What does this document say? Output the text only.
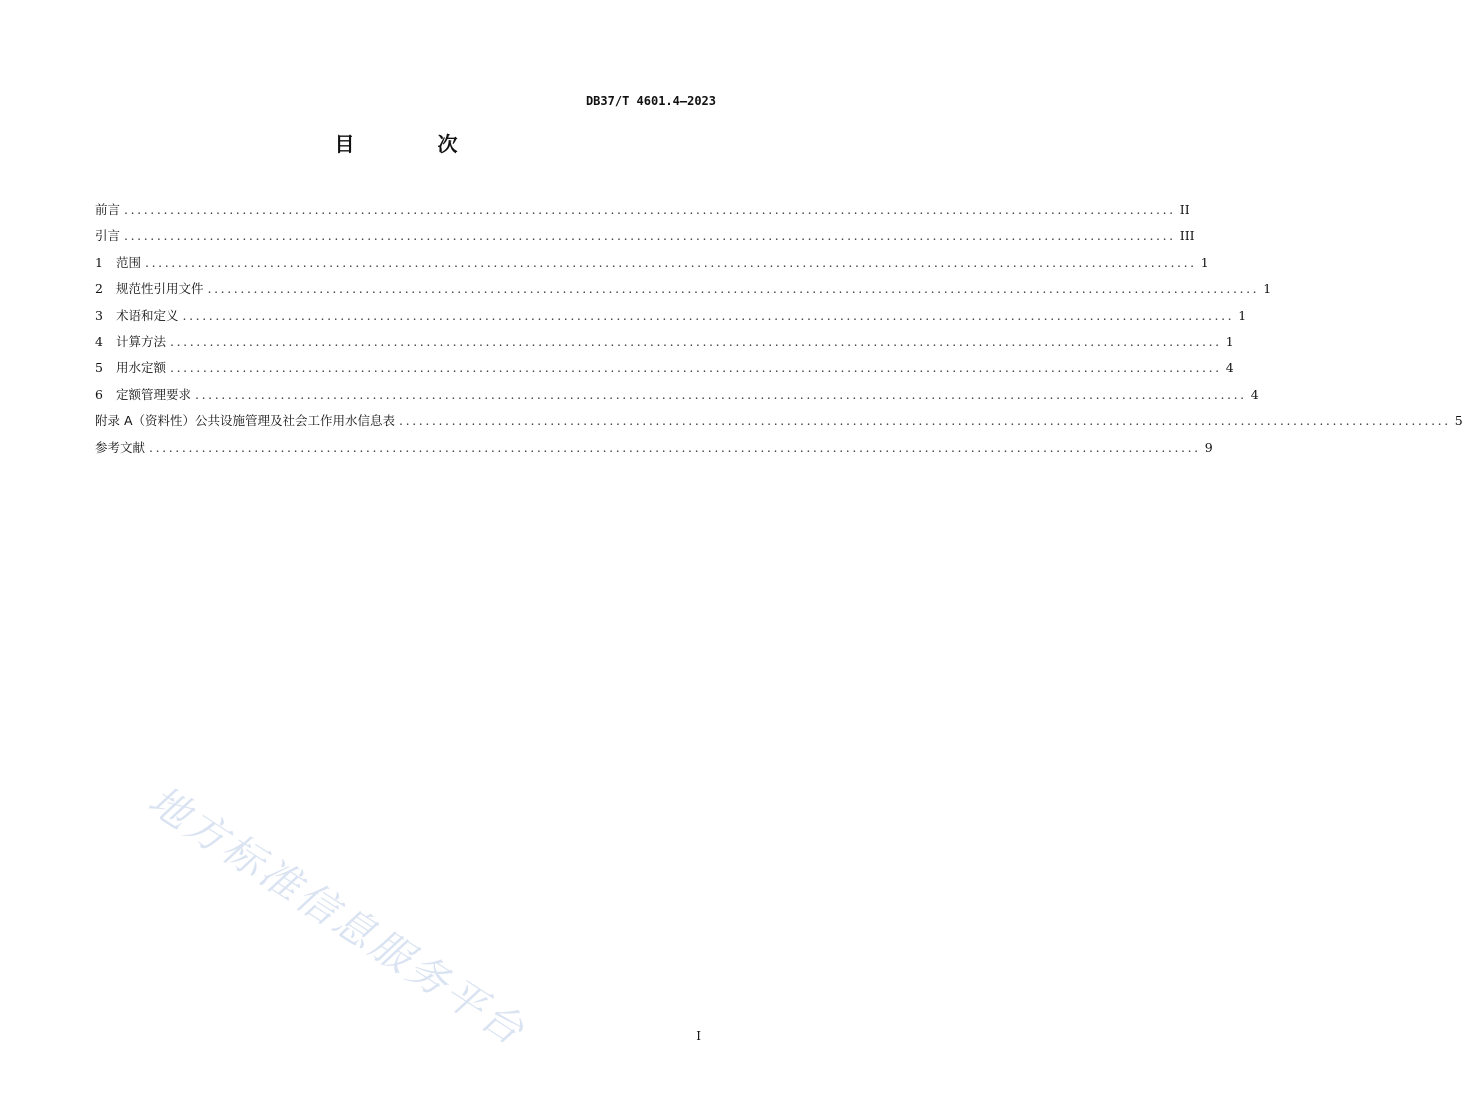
DB37/T 4601.4—2023
目 次
前言 ................................................................................................................................................................ II
引言 ................................................................................................................................................................ III
1	范围 ................................................................................................................................................................ 1
2	规范性引用文件 ................................................................................................................................................................ 1
3	术语和定义 ................................................................................................................................................................ 1
4	计算方法 ................................................................................................................................................................ 1
5	用水定额 ................................................................................................................................................................ 4
6	定额管理要求 ................................................................................................................................................................ 4
附录 A（资料性） 公共设施管理及社会工作用水信息表 ................................................................................................................................................................ 5
参考文献 ................................................................................................................................................................ 9
地方标准信息服务平台	I
